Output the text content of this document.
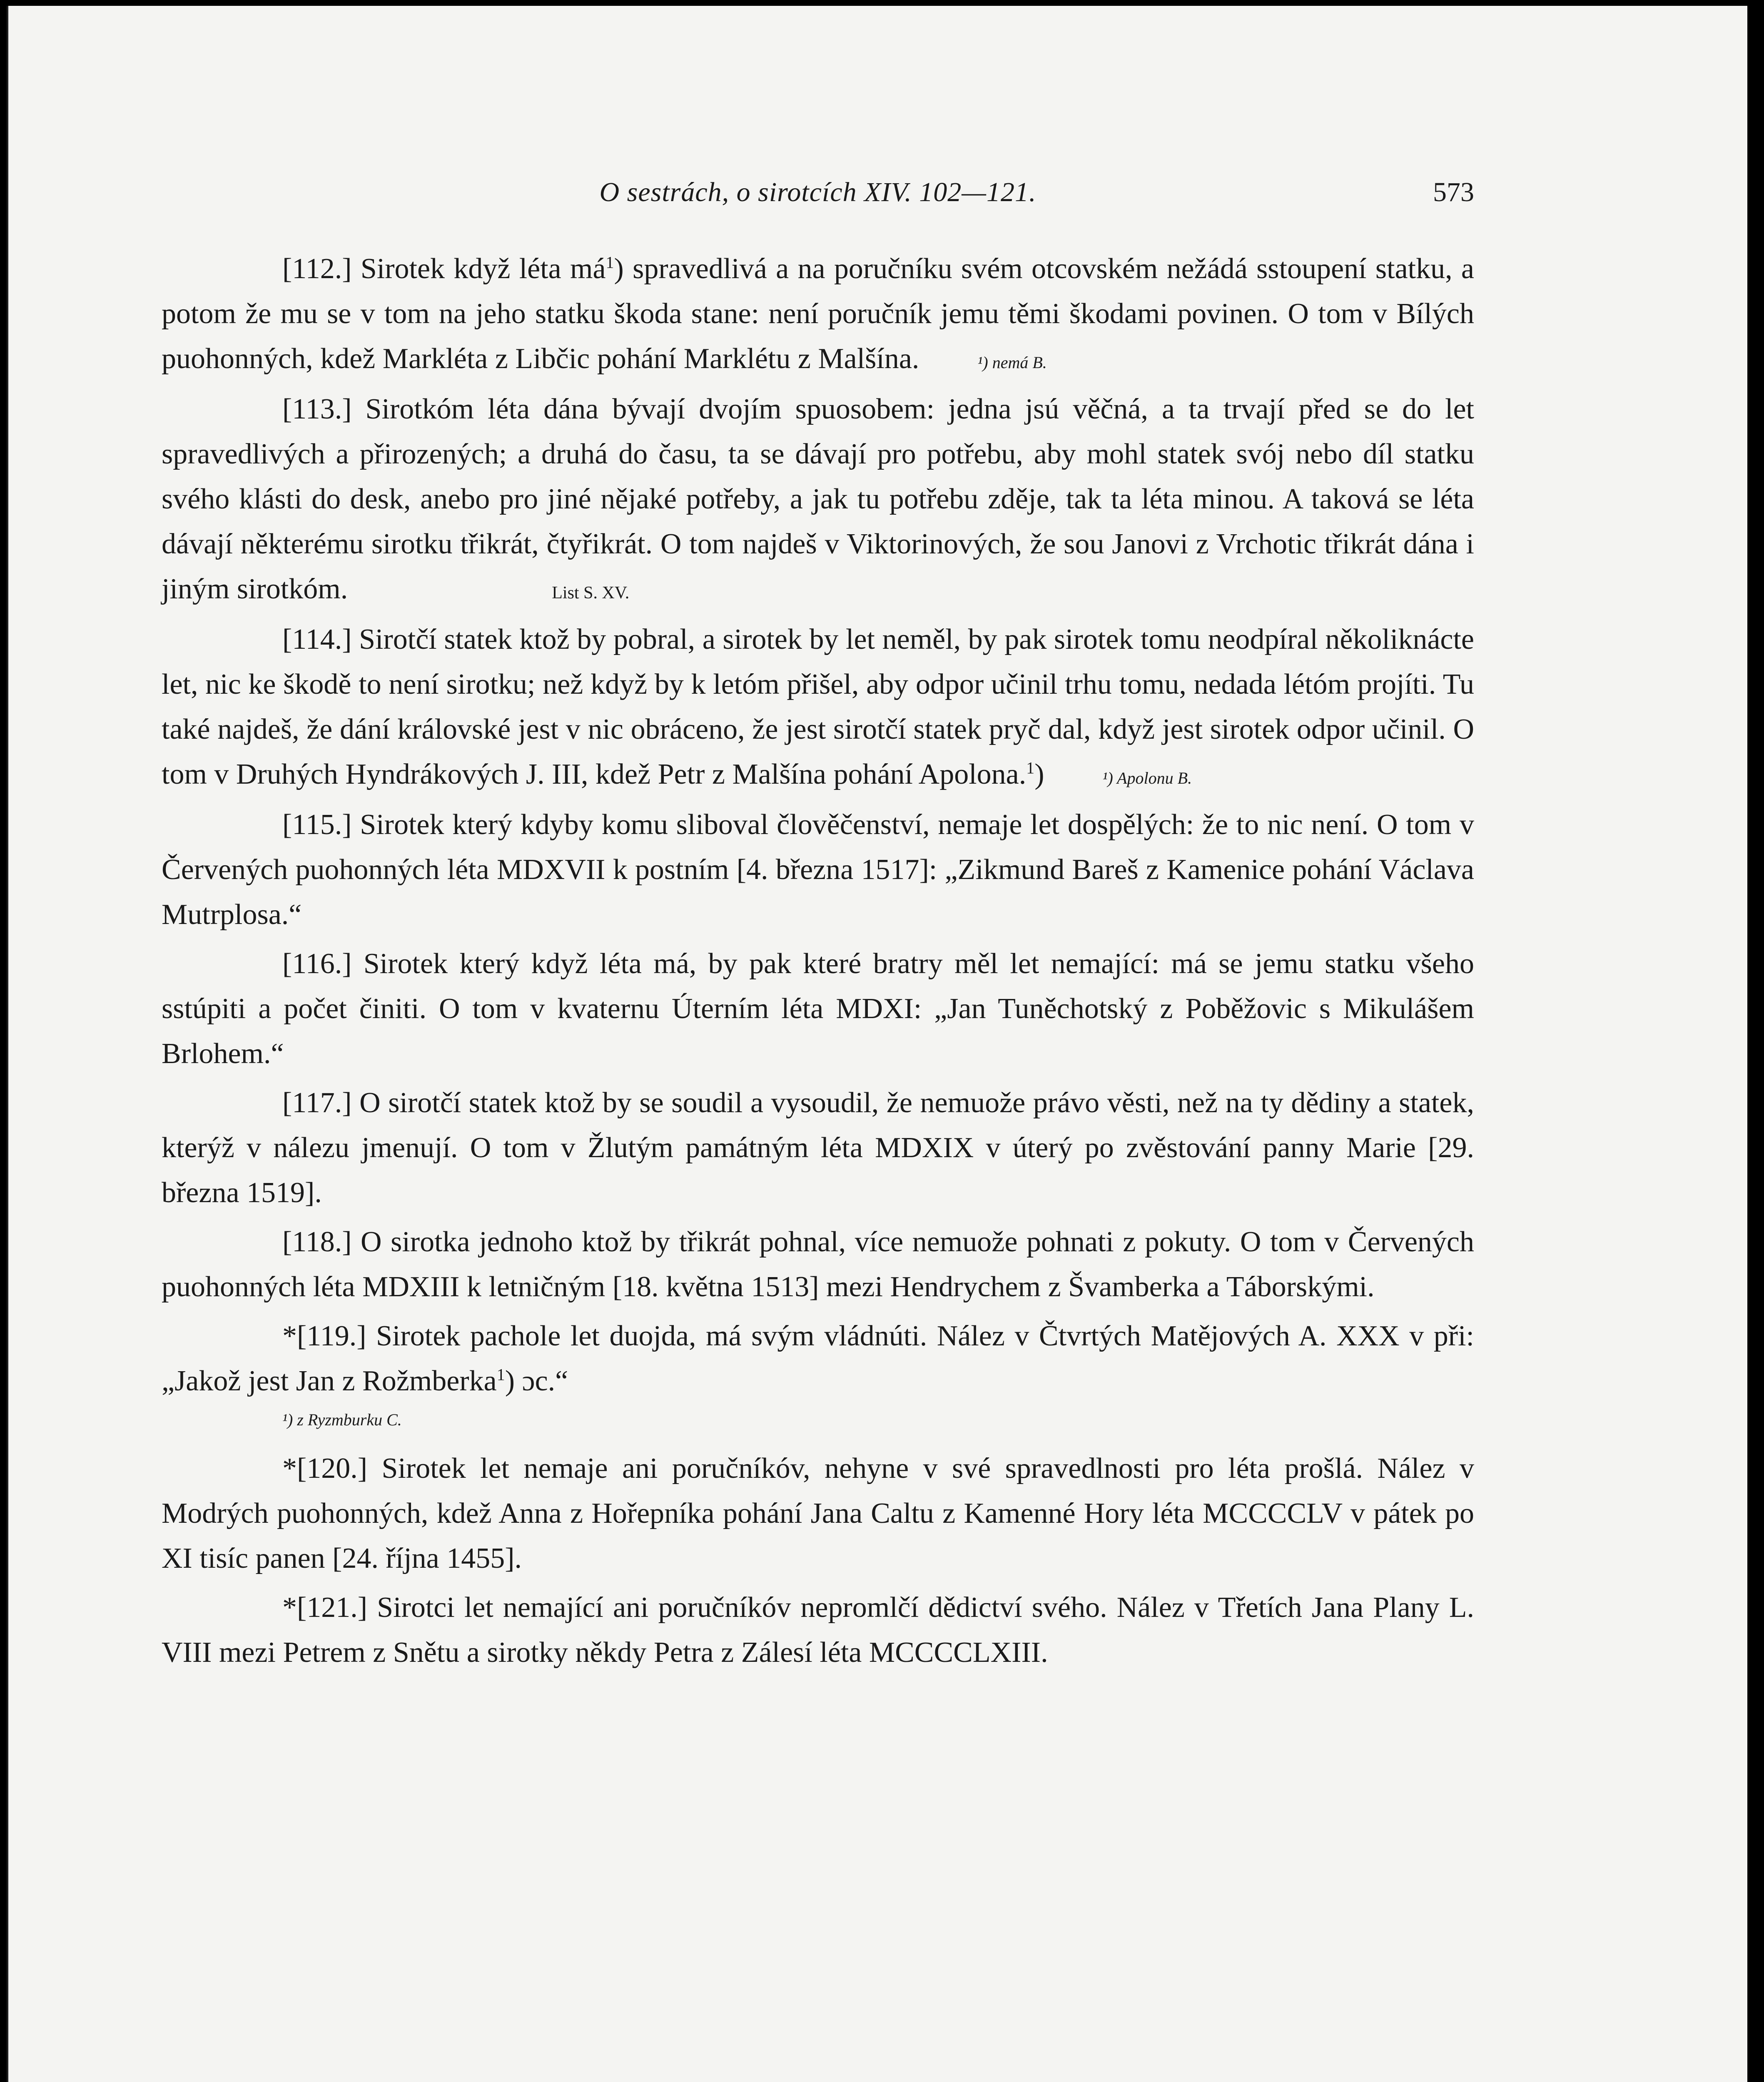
O sestrách, o sirotcích XIV. 102—121.	573

[112.] Sirotek když léta $má^1$) spravedlivá a na poručníku svém otcovském nežádá sstoupení statku, a potom že mu se v tom na jeho statku škoda stane: není poručník jemu těmi škodami povinen. O tom v Bílých puohonných, kdež Markléta z Libčic pohání Marklétu z Malšína.	¹) nemá B.

[113.] Sirotkóm léta dána bývají dvojím spuosobem: jedna jsú věčná, a ta trvají před se do let spravedlivých a přirozených; a druhá do času, ta se dávají pro potřebu, aby mohl statek svój nebo díl statku svého klásti do desk, anebo pro jiné nějaké potřeby, a jak tu potřebu zděje, tak ta léta minou. A taková se léta dávají některému sirotku třikrát, čtyřikrát. O tom najdeš v Viktorinových, že sou Janovi z Vrchotic třikrát dána i jiným sirotkóm.	List S. XV.

[114.] Sirotčí statek ktož by pobral, a sirotek by let neměl, by pak sirotek tomu neodpíral několiknácte let, nic ke škodě to není sirotku; než když by k letóm přišel, aby odpor učinil trhu tomu, nedada létóm projíti. Tu také najdeš, že dání královské jest v nic obráceno, že jest sirotčí statek pryč dal, když jest sirotek odpor učinil. O tom v Druhých Hyndrákových J. III, kdež Petr z Malšína pohání Apolona.$^1$)	¹) Apolonu B.

[115.] Sirotek který kdyby komu sliboval člověčenství, nemaje let dospělých: že to nic není. O tom v Červených puohonných léta MDXVII k postním [4. března 1517]: „Zikmund Bareš z Kamenice pohání Václava Mutrplosa.“

[116.] Sirotek který když léta má, by pak které bratry měl let nemající: má se jemu statku všeho sstúpiti a počet činiti. O tom v kvaternu Úterním léta MDXI: „Jan Tuněchotský z Poběžovic s Mikulášem Brlohem.“

[117.] O sirotčí statek ktož by se soudil a vysoudil, že nemuože právo věsti, než na ty dědiny a statek, kterýž v nálezu jmenují. O tom v Žlutým památným léta MDXIX v úterý po zvěstování panny Marie [29. března 1519].

[118.] O sirotka jednoho ktož by třikrát pohnal, více nemuože pohnati z pokuty. O tom v Červených puohonných léta MDXIII k letničným [18. května 1513] mezi Hendrychem z Švamberka a Táborskými.

*[119.] Sirotek pachole let duojda, má svým vládnúti. Nález v Čtvrtých Matějových A. XXX v při: „Jakož jest Jan z Rožmberka$^1$) ɔc.“

¹) z Ryzmburku C.

*[120.] Sirotek let nemaje ani poručníkóv, nehyne v své spravedlnosti pro léta prošlá. Nález v Modrých puohonných, kdež Anna z Hořepníka pohání Jana Caltu z Kamenné Hory léta MCCCCLV v pátek po XI tisíc panen [24. října 1455].

*[121.] Sirotci let nemající ani poručníkóv nepromlčí dědictví svého. Nález v Třetích Jana Plany L. VIII mezi Petrem z Snětu a sirotky někdy Petra z Zálesí léta MCCCCLXIII.
